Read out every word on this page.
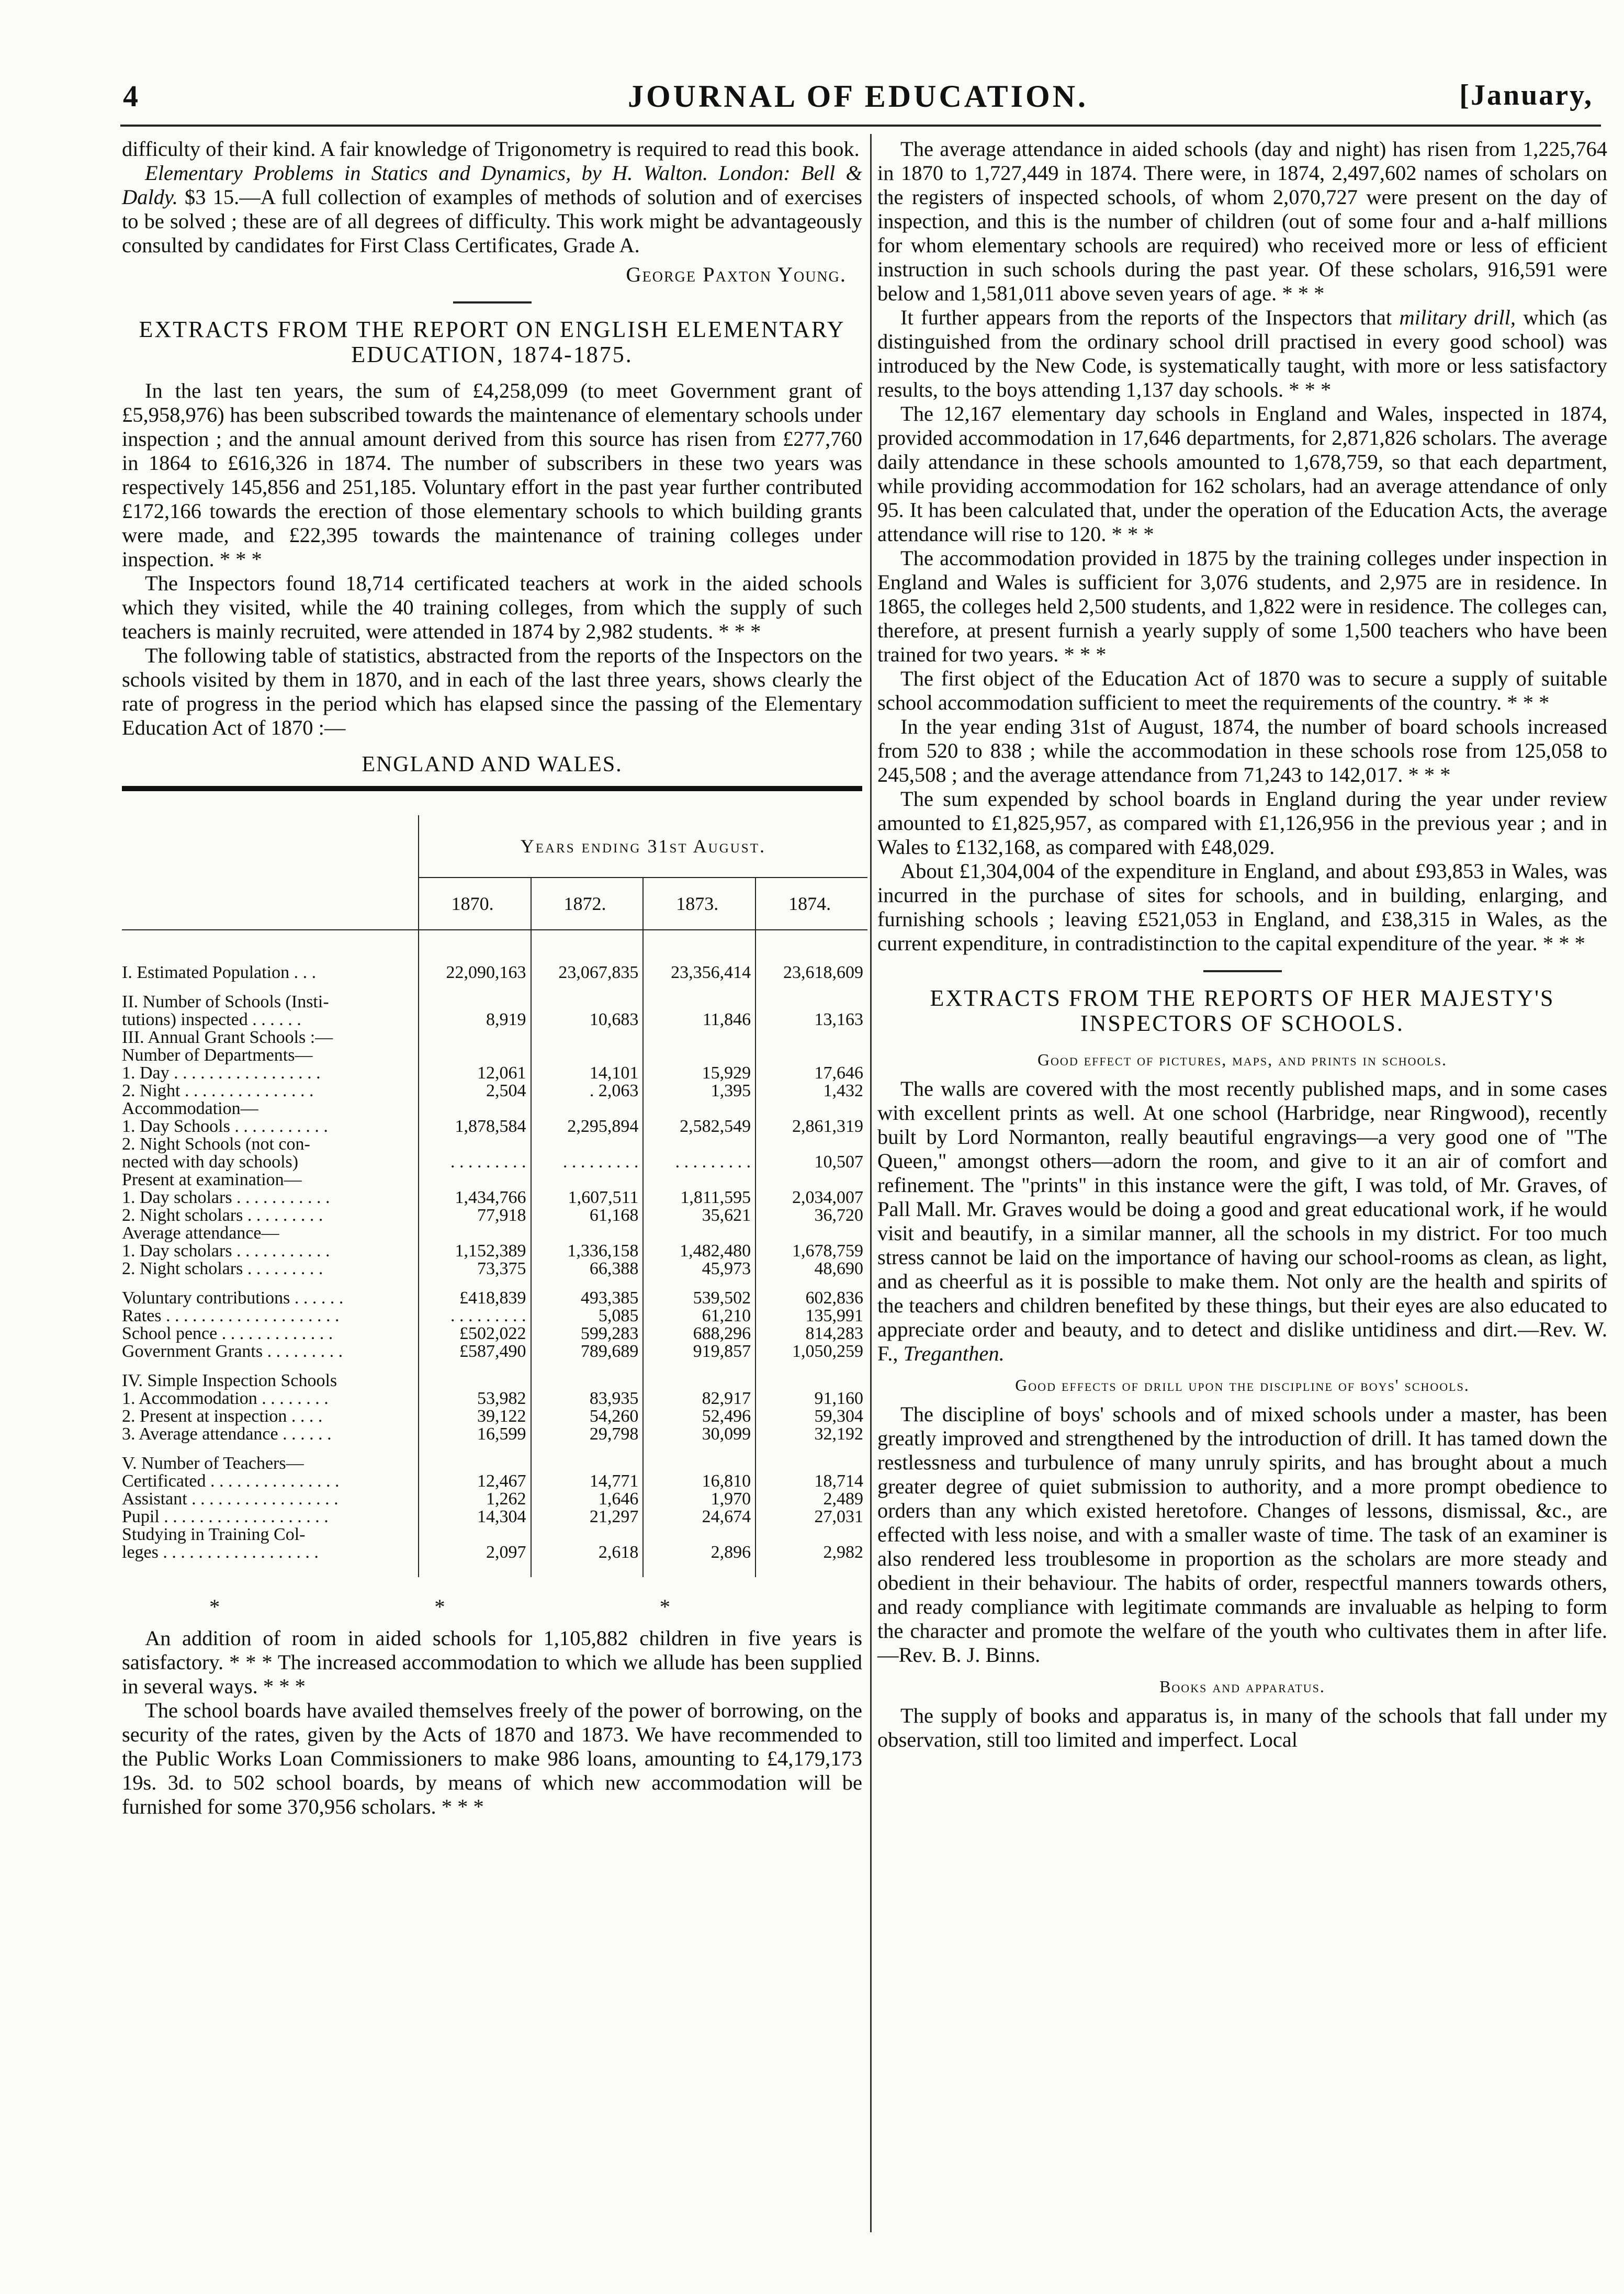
4	JOURNAL OF EDUCATION.	[January,

difficulty of their kind. A fair knowledge of Trigonometry is required to read this book.

Elementary Problems in Statics and Dynamics, by H. Walton. London: Bell & Daldy. $3 15.—A full collection of examples of methods of solution and of exercises to be solved ; these are of all degrees of difficulty. This work might be advantageously consulted by candidates for First Class Certificates, Grade A.

George Paxton Young.
EXTRACTS FROM THE REPORT ON ENGLISH ELEMENTARY EDUCATION, 1874-1875.

In the last ten years, the sum of £4,258,099 (to meet Government grant of £5,958,976) has been subscribed towards the maintenance of elementary schools under inspection ; and the annual amount derived from this source has risen from £277,760 in 1864 to £616,326 in 1874. The number of subscribers in these two years was respectively 145,856 and 251,185. Voluntary effort in the past year further contributed £172,166 towards the erection of those elementary schools to which building grants were made, and £22,395 towards the maintenance of training colleges under inspection. * * *

The Inspectors found 18,714 certificated teachers at work in the aided schools which they visited, while the 40 training colleges, from which the supply of such teachers is mainly recruited, were attended in 1874 by 2,982 students. * * *

The following table of statistics, abstracted from the reports of the Inspectors on the schools visited by them in 1870, and in each of the last three years, shows clearly the rate of progress in the period which has elapsed since the passing of the Elementary Education Act of 1870 :—

ENGLAND AND WALES.
	Years ending 31st August.			
	1870.	1872.	1873.	1874.

I. Estimated Population . . .	22,090,163	23,067,835	23,356,414	23,618,609

II. Number of Schools (Insti-				
tutions) inspected . . . . . .	8,919	10,683	11,846	13,163
III. Annual Grant Schools :—				
Number of Departments—				
1. Day . . . . . . . . . . . . . . . . .	12,061	14,101	15,929	17,646
2. Night . . . . . . . . . . . . . . .	2,504	. 2,063	1,395	1,432
Accommodation—				
1. Day Schools . . . . . . . . . . .	1,878,584	2,295,894	2,582,549	2,861,319
2. Night Schools (not con-				
nected with day schools)	. . . . . . . . .	. . . . . . . . .	. . . . . . . . .	10,507
Present at examination—				
1. Day scholars . . . . . . . . . . .	1,434,766	1,607,511	1,811,595	2,034,007
2. Night scholars . . . . . . . . .	77,918	61,168	35,621	36,720
Average attendance—				
1. Day scholars . . . . . . . . . . .	1,152,389	1,336,158	1,482,480	1,678,759
2. Night scholars . . . . . . . . .	73,375	66,388	45,973	48,690

Voluntary contributions . . . . . .	£418,839	493,385	539,502	602,836
Rates . . . . . . . . . . . . . . . . . . . .	. . . . . . . . .	5,085	61,210	135,991
School pence . . . . . . . . . . . . .	£502,022	599,283	688,296	814,283
Government Grants . . . . . . . . .	£587,490	789,689	919,857	1,050,259

IV. Simple Inspection Schools				
1. Accommodation . . . . . . . .	53,982	83,935	82,917	91,160
2. Present at inspection . . . .	39,122	54,260	52,496	59,304
3. Average attendance . . . . . .	16,599	29,798	30,099	32,192

V. Number of Teachers—				
Certificated . . . . . . . . . . . . . . .	12,467	14,771	16,810	18,714
Assistant . . . . . . . . . . . . . . . . .	1,262	1,646	1,970	2,489
Pupil . . . . . . . . . . . . . . . . . . .	14,304	21,297	24,674	27,031
Studying in Training Col-				
leges . . . . . . . . . . . . . . . . . .	2,097	2,618	2,896	2,982

* * *

An addition of room in aided schools for 1,105,882 children in five years is satisfactory. * * * The increased accommodation to which we allude has been supplied in several ways. * * *

The school boards have availed themselves freely of the power of borrowing, on the security of the rates, given by the Acts of 1870 and 1873. We have recommended to the Public Works Loan Commissioners to make 986 loans, amounting to £4,179,173 19s. 3d. to 502 school boards, by means of which new accommodation will be furnished for some 370,956 scholars. * * *

The average attendance in aided schools (day and night) has risen from 1,225,764 in 1870 to 1,727,449 in 1874. There were, in 1874, 2,497,602 names of scholars on the registers of inspected schools, of whom 2,070,727 were present on the day of inspection, and this is the number of children (out of some four and a-half millions for whom elementary schools are required) who received more or less of efficient instruction in such schools during the past year. Of these scholars, 916,591 were below and 1,581,011 above seven years of age. * * *

It further appears from the reports of the Inspectors that military drill, which (as distinguished from the ordinary school drill practised in every good school) was introduced by the New Code, is systematically taught, with more or less satisfactory results, to the boys attending 1,137 day schools. * * *

The 12,167 elementary day schools in England and Wales, inspected in 1874, provided accommodation in 17,646 departments, for 2,871,826 scholars. The average daily attendance in these schools amounted to 1,678,759, so that each department, while providing accommodation for 162 scholars, had an average attendance of only 95. It has been calculated that, under the operation of the Education Acts, the average attendance will rise to 120. * * *

The accommodation provided in 1875 by the training colleges under inspection in England and Wales is sufficient for 3,076 students, and 2,975 are in residence. In 1865, the colleges held 2,500 students, and 1,822 were in residence. The colleges can, therefore, at present furnish a yearly supply of some 1,500 teachers who have been trained for two years. * * *

The first object of the Education Act of 1870 was to secure a supply of suitable school accommodation sufficient to meet the requirements of the country. * * *

In the year ending 31st of August, 1874, the number of board schools increased from 520 to 838 ; while the accommodation in these schools rose from 125,058 to 245,508 ; and the average attendance from 71,243 to 142,017. * * *

The sum expended by school boards in England during the year under review amounted to £1,825,957, as compared with £1,126,956 in the previous year ; and in Wales to £132,168, as compared with £48,029.

About £1,304,004 of the expenditure in England, and about £93,853 in Wales, was incurred in the purchase of sites for schools, and in building, enlarging, and furnishing schools ; leaving £521,053 in England, and £38,315 in Wales, as the current expenditure, in contradistinction to the capital expenditure of the year. * * *

EXTRACTS FROM THE REPORTS OF HER MAJESTY'S INSPECTORS OF SCHOOLS.
Good effect of pictures, maps, and prints in schools.

The walls are covered with the most recently published maps, and in some cases with excellent prints as well. At one school (Harbridge, near Ringwood), recently built by Lord Normanton, really beautiful engravings—a very good one of "The Queen," amongst others—adorn the room, and give to it an air of comfort and refinement. The "prints" in this instance were the gift, I was told, of Mr. Graves, of Pall Mall. Mr. Graves would be doing a good and great educational work, if he would visit and beautify, in a similar manner, all the schools in my district. For too much stress cannot be laid on the importance of having our school-rooms as clean, as light, and as cheerful as it is possible to make them. Not only are the health and spirits of the teachers and children benefited by these things, but their eyes are also educated to appreciate order and beauty, and to detect and dislike untidiness and dirt.—Rev. W. F., Treganthen.

Good effects of drill upon the discipline of boys' schools.

The discipline of boys' schools and of mixed schools under a master, has been greatly improved and strengthened by the introduction of drill. It has tamed down the restlessness and turbulence of many unruly spirits, and has brought about a much greater degree of quiet submission to authority, and a more prompt obedience to orders than any which existed heretofore. Changes of lessons, dismissal, &c., are effected with less noise, and with a smaller waste of time. The task of an examiner is also rendered less troublesome in proportion as the scholars are more steady and obedient in their behaviour. The habits of order, respectful manners towards others, and ready compliance with legitimate commands are invaluable as helping to form the character and promote the welfare of the youth who cultivates them in after life.—Rev. B. J. Binns.

Books and apparatus.

The supply of books and apparatus is, in many of the schools that fall under my observation, still too limited and imperfect. Local
